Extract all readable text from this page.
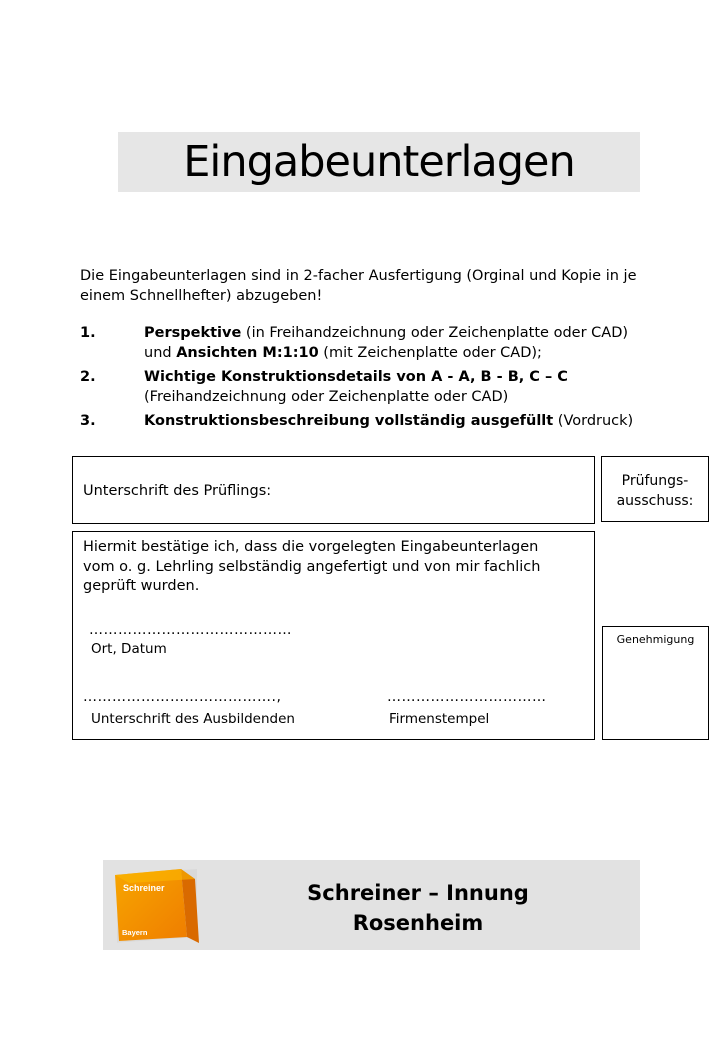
Eingabeunterlagen
Die Eingabeunterlagen sind in 2-facher Ausfertigung (Orginal und Kopie in je einem Schnellhefter) abzugeben!
1.	Perspektive (in Freihandzeichnung oder Zeichenplatte oder CAD) und Ansichten M:1:10 (mit Zeichenplatte oder CAD);
2.	Wichtige Konstruktionsdetails von A - A, B - B, C – C (Freihandzeichnung oder Zeichenplatte oder CAD)
3.	Konstruktionsbeschreibung vollständig ausgefüllt (Vordruck)
Unterschrift des Prüflings:
Prüfungs-
ausschuss:
Hiermit bestätige ich, dass die vorgelegten Eingabeunterlagen vom o. g. Lehrling selbständig angefertigt und von mir fachlich geprüft wurden.
……………………………………
Ort, Datum
………………………………….,
Unterschrift des Ausbildenden
……………………………
Firmenstempel
Genehmigung
Schreiner
Bayern
Schreiner – Innung
Rosenheim
